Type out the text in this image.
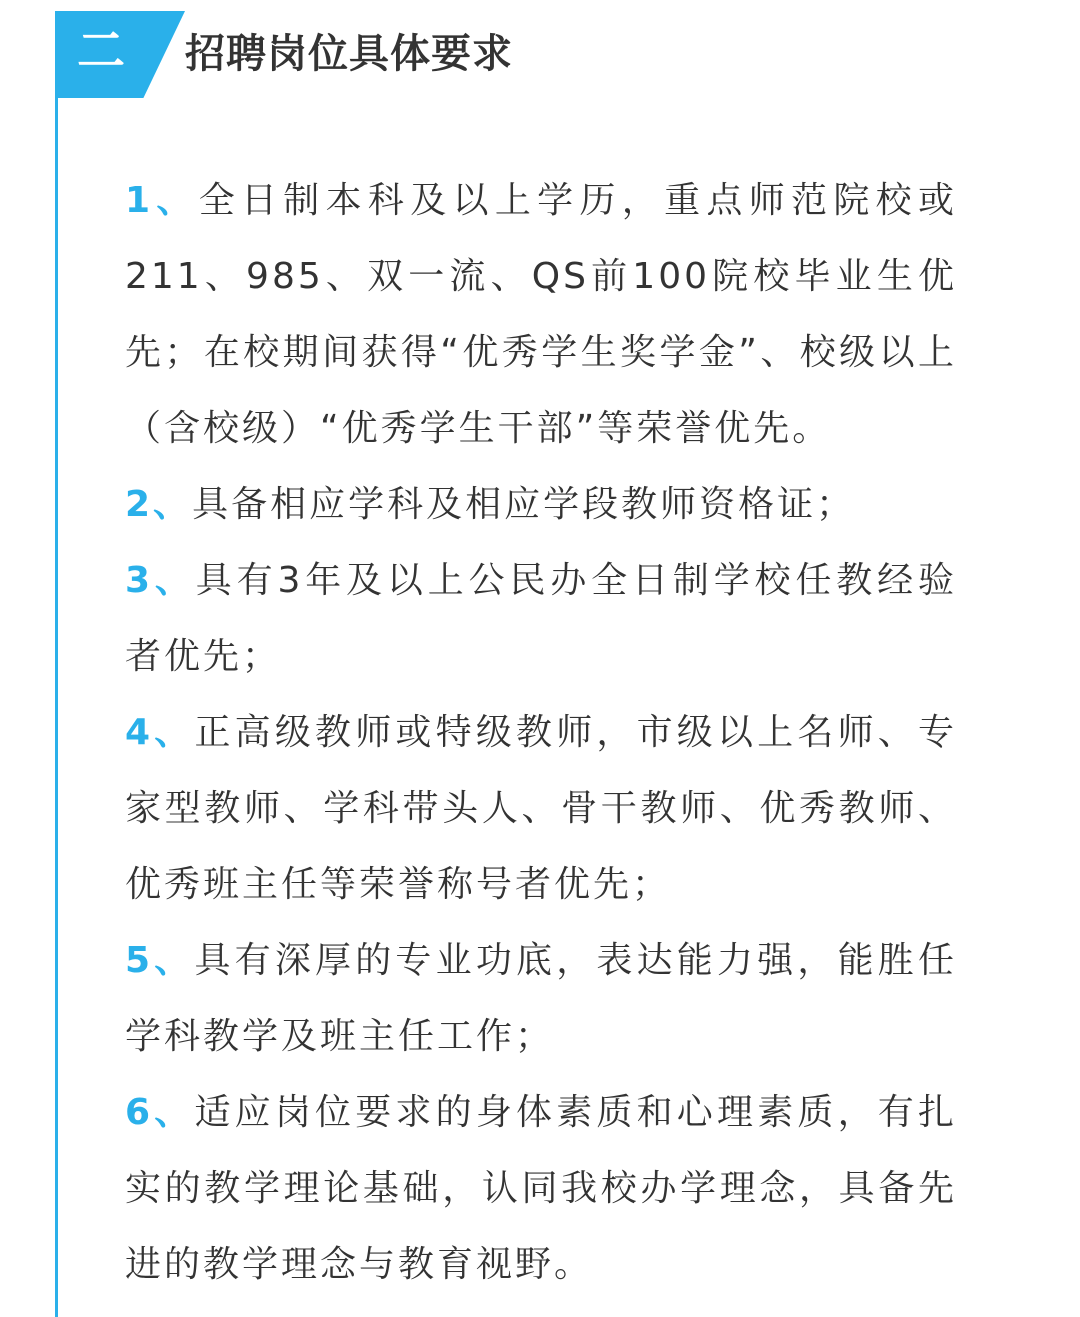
二 招聘岗位具体要求

1、全日制本科及以上学历，重点师范院校或211、985、双一流、QS前100院校毕业生优先；在校期间获得“优秀学生奖学金”、校级以上（含校级）“优秀学生干部”等荣誉优先。

2、具备相应学科及相应学段教师资格证；

3、具有3年及以上公民办全日制学校任教经验者优先；

4、正高级教师或特级教师，市级以上名师、专家型教师、学科带头人、骨干教师、优秀教师、优秀班主任等荣誉称号者优先；

5、具有深厚的专业功底，表达能力强，能胜任学科教学及班主任工作；

6、适应岗位要求的身体素质和心理素质，有扎实的教学理论基础，认同我校办学理念，具备先进的教学理念与教育视野。
